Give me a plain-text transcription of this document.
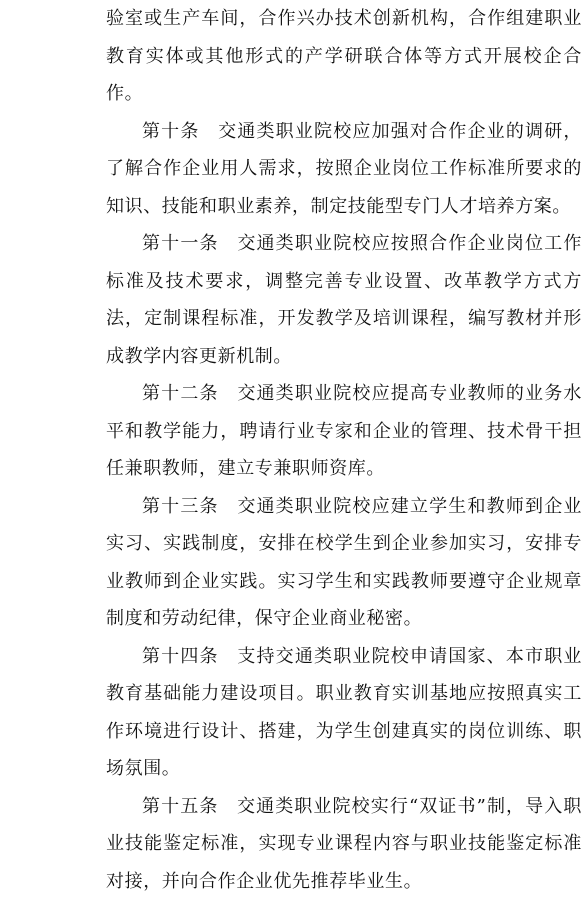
验室或生产车间，合作兴办技术创新机构，合作组建职业教育实体或其他形式的产学研联合体等方式开展校企合作。

第十条 交通类职业院校应加强对合作企业的调研，了解合作企业用人需求，按照企业岗位工作标准所要求的知识、技能和职业素养，制定技能型专门人才培养方案。

第十一条 交通类职业院校应按照合作企业岗位工作标准及技术要求，调整完善专业设置、改革教学方式方法，定制课程标准，开发教学及培训课程，编写教材并形成教学内容更新机制。

第十二条 交通类职业院校应提高专业教师的业务水平和教学能力，聘请行业专家和企业的管理、技术骨干担任兼职教师，建立专兼职师资库。

第十三条 交通类职业院校应建立学生和教师到企业实习、实践制度，安排在校学生到企业参加实习，安排专业教师到企业实践。实习学生和实践教师要遵守企业规章制度和劳动纪律，保守企业商业秘密。

第十四条 支持交通类职业院校申请国家、本市职业教育基础能力建设项目。职业教育实训基地应按照真实工作环境进行设计、搭建，为学生创建真实的岗位训练、职场氛围。

第十五条 交通类职业院校实行“双证书”制，导入职业技能鉴定标准，实现专业课程内容与职业技能鉴定标准对接，并向合作企业优先推荐毕业生。
